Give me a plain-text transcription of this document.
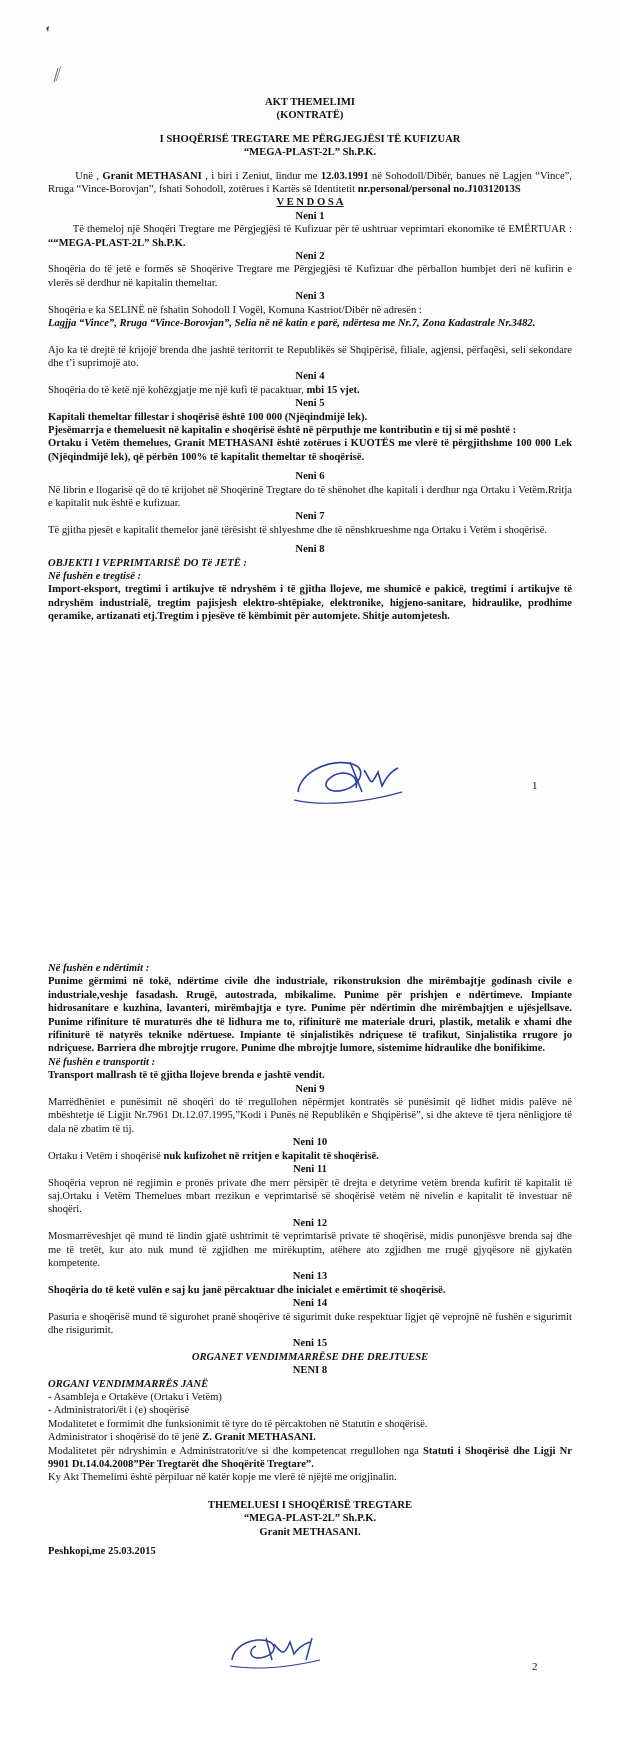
AKT THEMELIMI

(KONTRATË)

I SHOQËRISË TREGTARE ME PËRGJEGJËSI TË KUFIZUAR

“MEGA-PLAST-2L” Sh.P.K.

Unë , Granit METHASANI , i biri i Zeniut, lindur me 12.03.1991 në Sohodoll/Dibër, banues në Lagjen “Vince”, Rruga “Vince-Borovjan”, fshati Sohodoll, zotërues i Kartës së Identitetit nr.personal/personal no.J10312013S

V E N D O S A

Neni 1

Të themeloj një Shoqëri Tregtare me Përgjegjësi të Kufizuar për të ushtruar veprimtari ekonomike të EMËRTUAR : ““MEGA-PLAST-2L” Sh.P.K.

Neni 2

Shoqëria do të jetë e formës së Shoqërive Tregtare me Përgjegjësi të Kufizuar dhe përballon humbjet deri në kufirin e vlerës së derdhur në kapitalin themeltar.

Neni 3

Shoqëria e ka SELINË në fshatin Sohodoll I Vogël, Komuna Kastriot/Dibër në adresën :

Lagjja “Vince”, Rruga “Vince-Borovjan”, Selia në në katin e parë, ndërtesa me Nr.7, Zona Kadastrale Nr.3482.

Ajo ka të drejtë të krijojë brenda dhe jashtë teritorrit te Republikës së Shqipërisë, filiale, agjensi, përfaqësi, seli sekondare dhe t’i suprimojë ato.

Neni 4

Shoqëria do të ketë një kohëzgjatje me një kufi të pacaktuar, mbi 15 vjet.

Neni 5

Kapitali themeltar fillestar i shoqërisë është 100 000 (Njëqindmijë lek).

Pjesëmarrja e themeluesit në kapitalin e shoqërisë është në përputhje me kontributin e tij si më poshtë :

Ortaku i Vetëm themelues, Granit METHASANI është zotërues i KUOTËS me vlerë të përgjithshme 100 000 Lek (Njëqindmijë lek), që përbën 100% të kapitalit themeltar të shoqërisë.

Neni 6

Në librin e llogarisë që do të krijohet në Shoqërinë Tregtare do të shënohet dhe kapitali i derdhur nga Ortaku i Vetëm.Rritja e kapitalit nuk është e kufizuar.

Neni 7

Të gjitha pjesët e kapitalit themelor janë tërësisht të shlyeshme dhe të nënshkrueshme nga Ortaku i Vetëm i shoqërisë.

Neni 8

OBJEKTI I VEPRIMTARISË DO Të JETË :

Në fushën e tregtisë :

Import-eksport, tregtimi i artikujve të ndryshëm i të gjitha llojeve, me shumicë e pakicë, tregtimi i artikujve të ndryshëm industrialë, tregtim pajisjesh elektro-shtëpiake, elektronike, higjeno-sanitare, hidraulike, prodhime qeramike, artizanati etj.Tregtim i pjesëve të këmbimit për automjete. Shitje automjetesh.

1

Në fushën e ndërtimit :

Punime gërmimi në tokë, ndërtime civile dhe industriale, rikonstruksion dhe mirëmbajtje godinash civile e industriale,veshje fasadash. Rrugë, autostrada, mbikalime. Punime për prishjen e ndërtimeve. Impiante hidrosanitare e kuzhina, lavanteri, mirëmbajtja e tyre. Punime për ndërtimin dhe mirëmbajtjen e ujësjellsave. Punime rifiniture të muraturës dhe të lidhura me to, rifiniturë me materiale druri, plastik, metalik e xhami dhe rifiniturë të natyrës teknike ndërtuese. Impiante të sinjalistikës ndriçuese të trafikut, Sinjalistika rrugore jo ndriçuese. Barriera dhe mbrojtje rrugore. Punime dhe mbrojtje lumore, sistemime hidraulike dhe bonifikime.

Në fushën e transportit :

Transport mallrash të të gjitha llojeve brenda e jashtë vendit.

Neni 9

Marrëdhëniet e punësimit në shoqëri do të rregullohen nëpërmjet kontratës së punësimit që lidhet midis palëve në mbështetje të Ligjit Nr.7961 Dt.12.07.1995,”Kodi i Punës në Republikën e Shqipërisë”, si dhe akteve të tjera nënligjore të dala në zbatim të tij.

Neni 10

Ortaku i Vetëm i shoqërisë nuk kufizohet në rritjen e kapitalit të shoqërisë.

Neni 11

Shoqëria vepron në regjimin e pronës private dhe merr përsipër të drejta e detyrime vetëm brenda kufirit të kapitalit të saj.Ortaku i Vetëm Themelues mbart rrezikun e veprimtarisë së shoqërisë vetëm në nivelin e kapitalit të investuar në shoqëri.

Neni 12

Mosmarrëveshjet që mund të lindin gjatë ushtrimit të veprimtarisë private të shoqërisë, midis punonjësve brenda saj dhe me të tretët, kur ato nuk mund të zgjidhen me mirëkuptim, atëhere ato zgjidhen me rrugë gjyqësore në gjykatën kompetente.

Neni 13

Shoqëria do të ketë vulën e saj ku janë përcaktuar dhe inicialet e emërtimit të shoqërisë.

Neni 14

Pasuria e shoqërisë mund të sigurohet pranë shoqërive të sigurimit duke respektuar ligjet që veprojnë në fushën e sigurimit dhe risigurimit.

Neni 15

ORGANET VENDIMMARRËSE DHE DREJTUESE

NENI 8

ORGANI VENDIMMARRËS JANË

- Asambleja e Ortakëve (Ortaku i Vetëm)

- Administratori/ët i (e) shoqërisë

Modalitetet e formimit dhe funksionimit të tyre do të përcaktohen në Statutin e shoqërisë.

Administrator i shoqërisë do të jenë Z. Granit METHASANI.

Modalitetet për ndryshimin e Administratorit/ve si dhe kompetencat rregullohen nga Statuti i Shoqërisë dhe Ligji Nr 9901 Dt.14.04.2008”Për Tregtarët dhe Shoqëritë Tregtare”.

Ky Akt Themelimi është përpiluar në katër kopje me vlerë të njëjtë me origjinalin.

THEMELUESI I SHOQËRISË TREGTARE

“MEGA-PLAST-2L” Sh.P.K.

Granit METHASANI.

Peshkopi,me 25.03.2015

2
